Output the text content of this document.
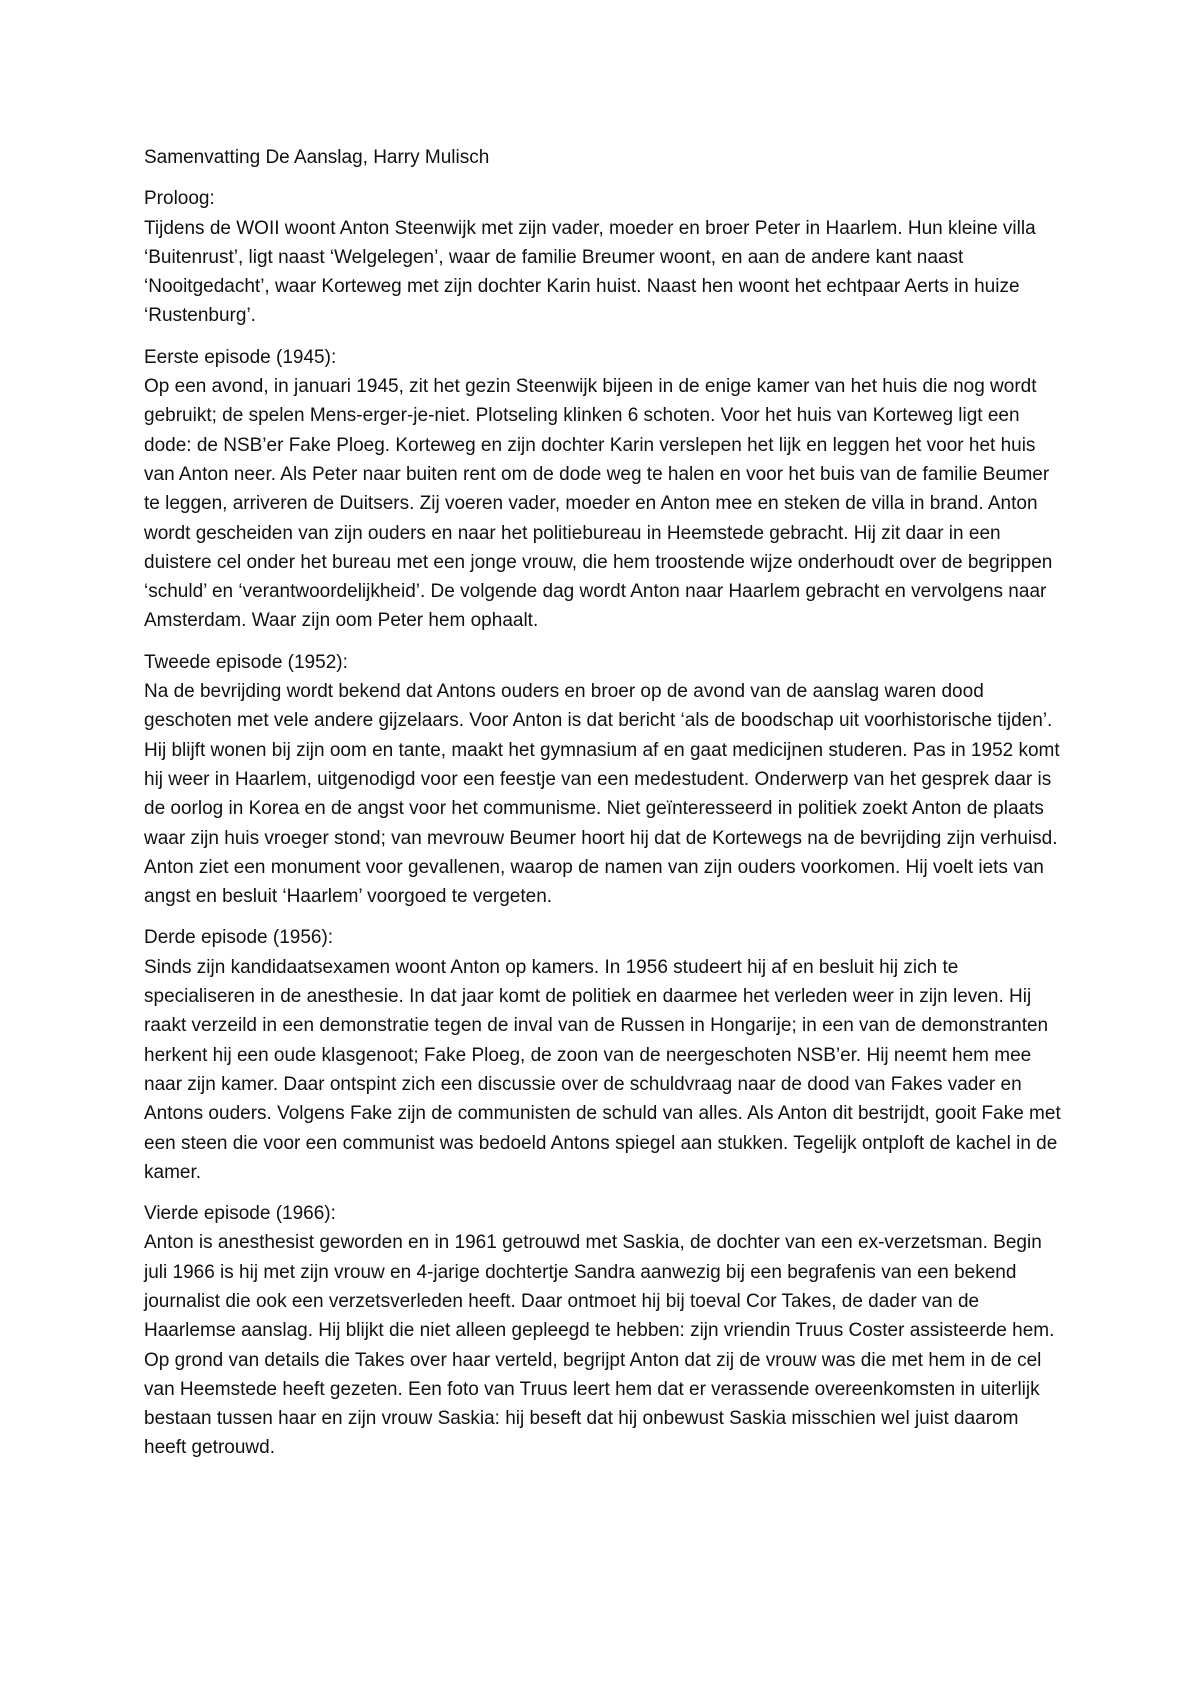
Samenvatting De Aanslag, Harry Mulisch

Proloog:

Tijdens de WOII woont Anton Steenwijk met zijn vader, moeder en broer Peter in Haarlem. Hun kleine villa ‘Buitenrust’, ligt naast ‘Welgelegen’, waar de familie Breumer woont, en aan de andere kant naast ‘Nooitgedacht’, waar Korteweg met zijn dochter Karin huist. Naast hen woont het echtpaar Aerts in huize ‘Rustenburg’.

Eerste episode (1945):

Op een avond, in januari 1945, zit het gezin Steenwijk bijeen in de enige kamer van het huis die nog wordt gebruikt; de spelen Mens-erger-je-niet. Plotseling klinken 6 schoten. Voor het huis van Korteweg ligt een dode: de NSB’er Fake Ploeg. Korteweg en zijn dochter Karin verslepen het lijk en leggen het voor het huis van Anton neer. Als Peter naar buiten rent om de dode weg te halen en voor het buis van de familie Beumer te leggen, arriveren de Duitsers. Zij voeren vader, moeder en Anton mee en steken de villa in brand. Anton wordt gescheiden van zijn ouders en naar het politiebureau in Heemstede gebracht. Hij zit daar in een duistere cel onder het bureau met een jonge vrouw, die hem troostende wijze onderhoudt over de begrippen ‘schuld’ en ‘verantwoordelijkheid’. De volgende dag wordt Anton naar Haarlem gebracht en vervolgens naar Amsterdam. Waar zijn oom Peter hem ophaalt.

Tweede episode (1952):

Na de bevrijding wordt bekend dat Antons ouders en broer op de avond van de aanslag waren dood geschoten met vele andere gijzelaars. Voor Anton is dat bericht ‘als de boodschap uit voorhistorische tijden’. Hij blijft wonen bij zijn oom en tante, maakt het gymnasium af en gaat medicijnen studeren. Pas in 1952 komt hij weer in Haarlem, uitgenodigd voor een feestje van een medestudent. Onderwerp van het gesprek daar is de oorlog in Korea en de angst voor het communisme. Niet geïnteresseerd in politiek zoekt Anton de plaats waar zijn huis vroeger stond; van mevrouw Beumer hoort hij dat de Kortewegs na de bevrijding zijn verhuisd. Anton ziet een monument voor gevallenen, waarop de namen van zijn ouders voorkomen. Hij voelt iets van angst en besluit ‘Haarlem’ voorgoed te vergeten.

Derde episode (1956):

Sinds zijn kandidaatsexamen woont Anton op kamers. In 1956 studeert hij af en besluit hij zich te specialiseren in de anesthesie. In dat jaar komt de politiek en daarmee het verleden weer in zijn leven. Hij raakt verzeild in een demonstratie tegen de inval van de Russen in Hongarije; in een van de demonstranten herkent hij een oude klasgenoot; Fake Ploeg, de zoon van de neergeschoten NSB’er. Hij neemt hem mee naar zijn kamer. Daar ontspint zich een discussie over de schuldvraag naar de dood van Fakes vader en Antons ouders. Volgens Fake zijn de communisten de schuld van alles. Als Anton dit bestrijdt, gooit Fake met een steen die voor een communist was bedoeld Antons spiegel aan stukken. Tegelijk ontploft de kachel in de kamer.

Vierde episode (1966):

Anton is anesthesist geworden en in 1961 getrouwd met Saskia, de dochter van een ex-verzetsman. Begin juli 1966 is hij met zijn vrouw en 4-jarige dochtertje Sandra aanwezig bij een begrafenis van een bekend journalist die ook een verzetsverleden heeft. Daar ontmoet hij bij toeval Cor Takes, de dader van de Haarlemse aanslag. Hij blijkt die niet alleen gepleegd te hebben: zijn vriendin Truus Coster assisteerde hem. Op grond van details die Takes over haar verteld, begrijpt Anton dat zij de vrouw was die met hem in de cel van Heemstede heeft gezeten. Een foto van Truus leert hem dat er verassende overeenkomsten in uiterlijk bestaan tussen haar en zijn vrouw Saskia: hij beseft dat hij onbewust Saskia misschien wel juist daarom heeft getrouwd.
